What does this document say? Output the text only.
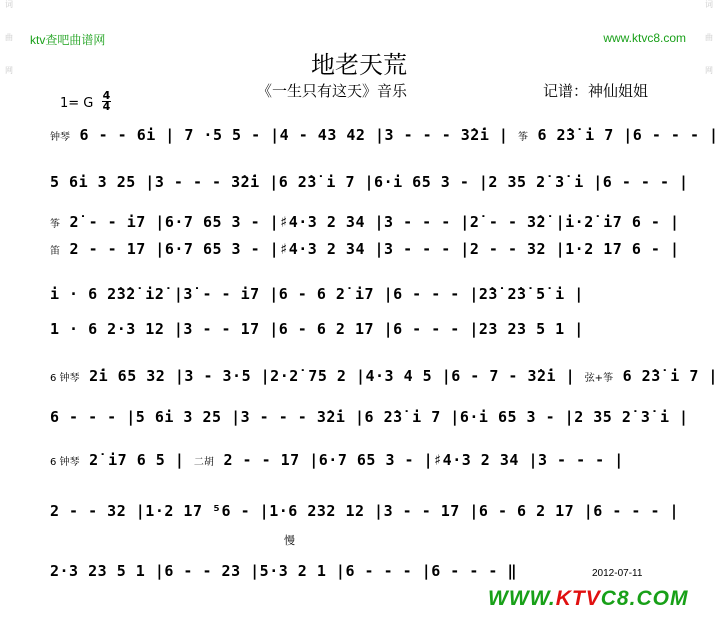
词
曲
网
词
曲
网
ktv查吧曲谱网	www.ktvc8.com
地老天荒
《一生只有这天》音乐	记谱：神仙姐姐
1= G
4
4
钟琴 6 - - 6i | 7 ·5 5 - |4 - 43 42 |3 - - - 3̇2̇i | 筝 6 2̇3̇ i 7 |6 - - - |
5 6i 3 25 |3 - - - 3̇2̇i |6 2̇3̇ i 7 |6·i 65 3 - |2 35 2̇ 3̇ i |6 - - - |
筝 2̇ - - i7 |6·7 65 3 - |♯4·3 2 34 |3 - - - |2̇ - - 3̇2̇ |i·2̇ i7 6 - |
笛 2 - - 17 |6·7 65 3 - |♯4·3 2 34 |3 - - - |2 - - 32 |1·2 17 6 - |
i · 6 2̇3̇2̇ i2̇ |3̇ - - i7 |6 - 6 2̇ i7 |6 - - - |2̇3̇ 2̇3̇ 5̇ i |
1 · 6 2·3 12 |3 - - 17 |6 - 6 2 17 |6 - - - |23 23 5 1 |
6 钟琴 2̇i 65 32 |3 - 3·5 |2·2̇ 75 2 |4·3 4 5 |6 - 7 - 3̇2̇i | 弦+筝 6 2̇3̇ i 7 |
6 - - - |5 6i 3 25 |3 - - - 3̇2̇i |6 2̇3̇ i 7 |6·i 65 3 - |2 35 2̇ 3̇ i |
6 钟琴 2̇ i7 6 5 | 二胡 2 - - 17 |6·7 65 3 - |♯4·3 2 34 |3 - - - |
2 - - 32 |1·2 17 ⁵6 - |1·6 232 12 |3 - - 17 |6 - 6 2 17 |6 - - - |
慢
2·3 23 5 1 |6 - - 23 |5·3 2 1 |6 - - - |6 - - - ‖	2012-07-11
WWW.KTVC8.COM
